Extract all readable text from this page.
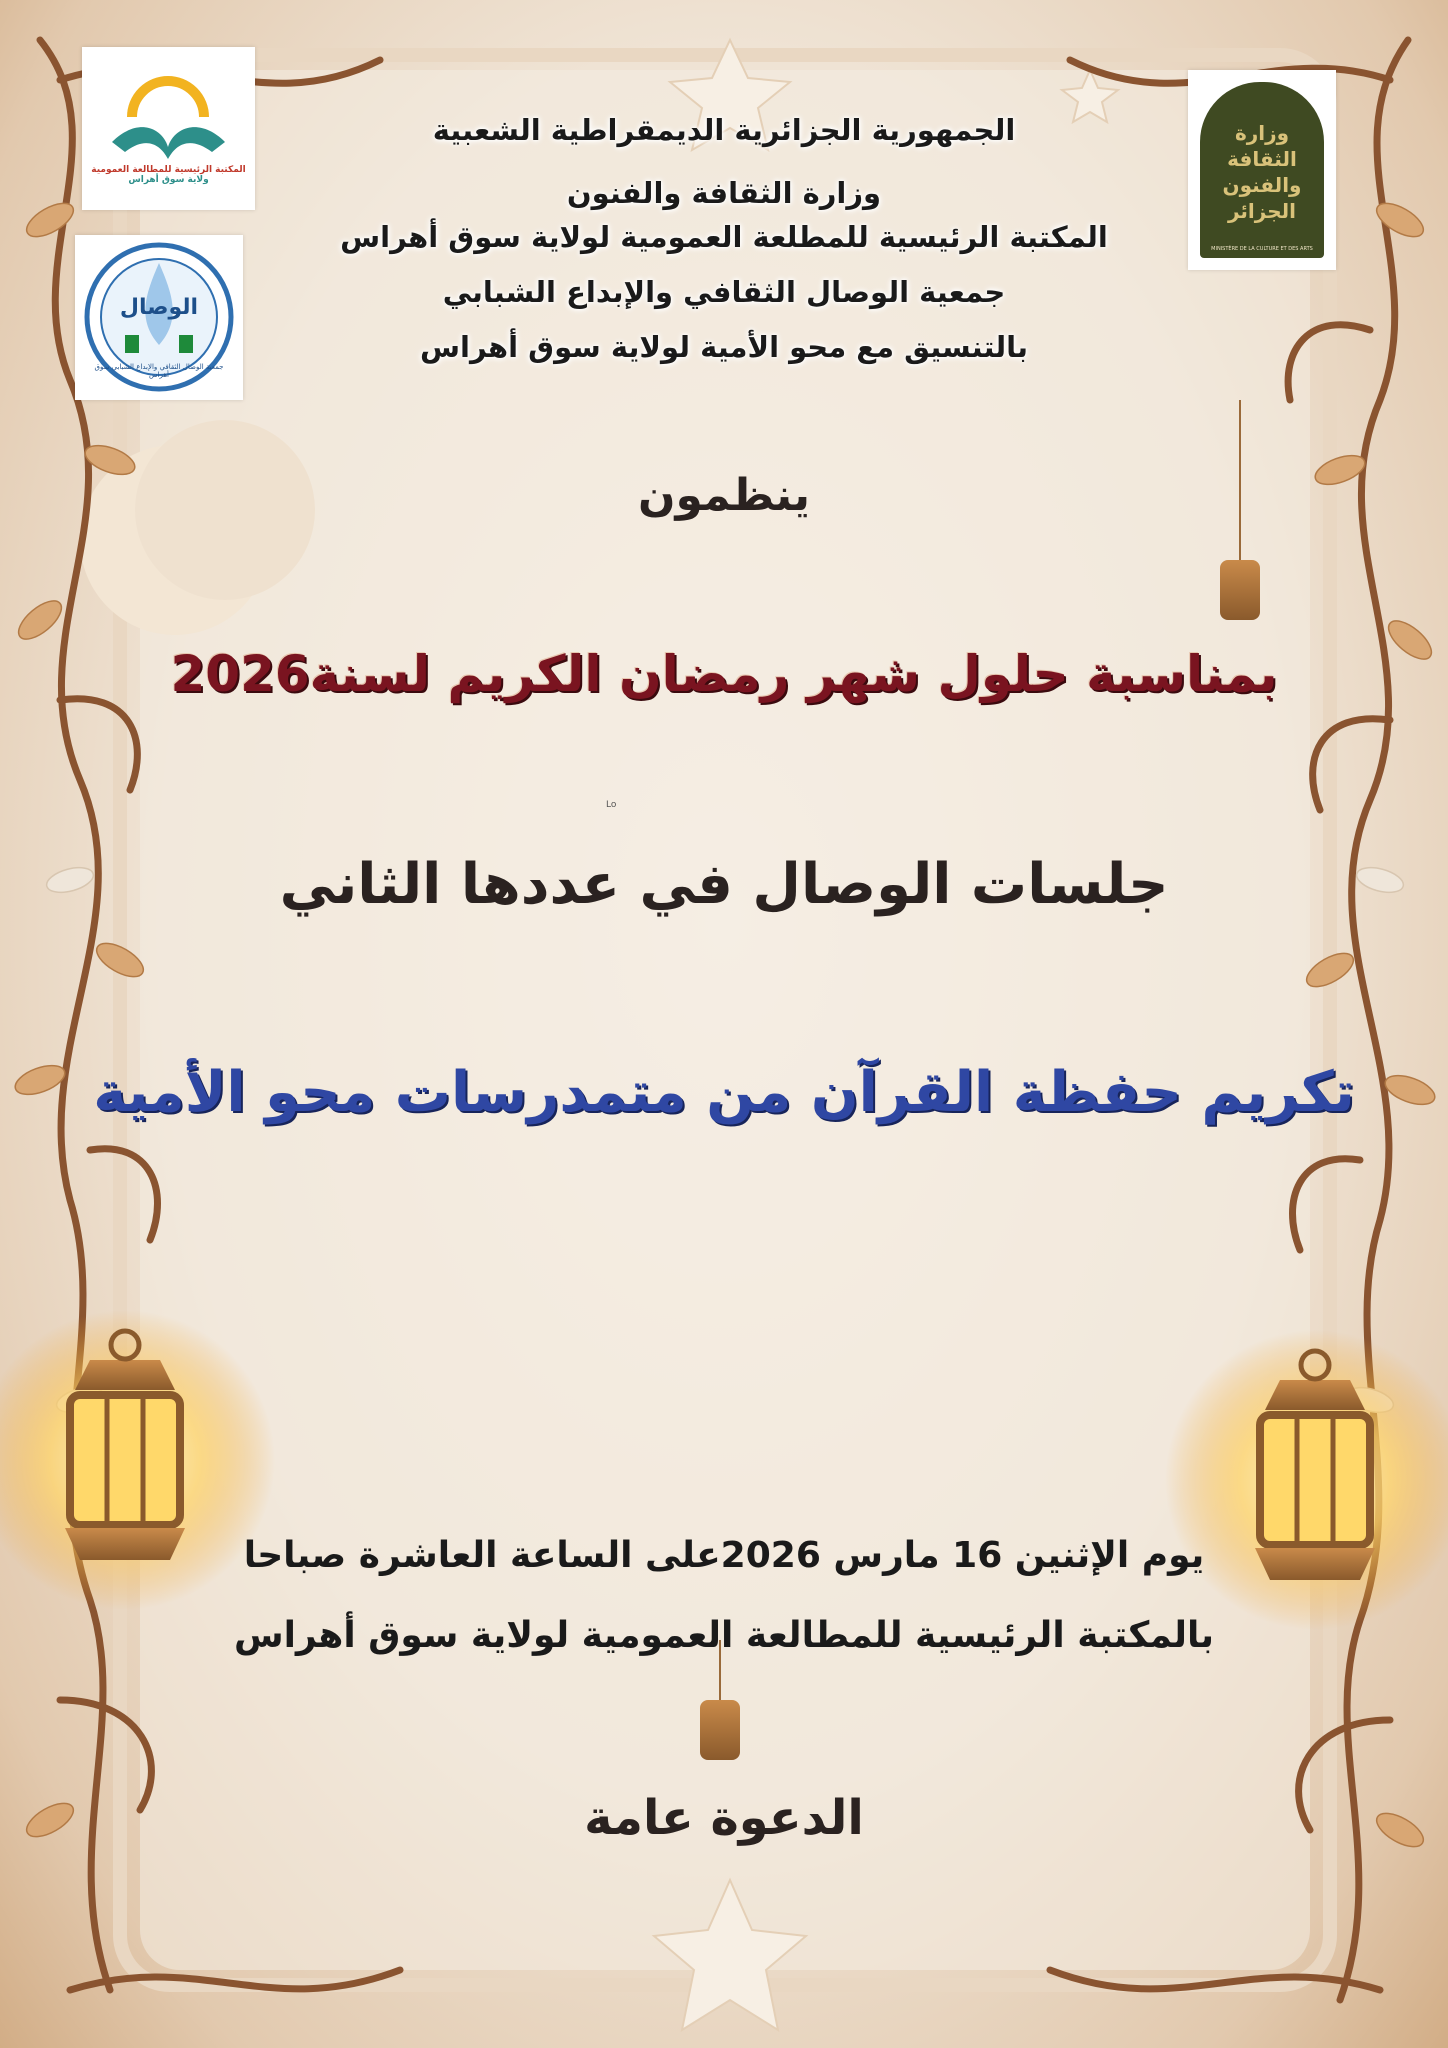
المكتبة الرئيسية للمطالعة العمومية
ولاية سوق أهراس
الوصال
جمعية الوصال الثقافي والإبداع الشبابي سوق أهراس
وزارة الثقافة والفنون الجزائر
MINISTÈRE DE LA CULTURE ET DES ARTS
الجمهورية الجزائرية الديمقراطية الشعبية
وزارة الثقافة والفنون
المكتبة الرئيسية للمطلعة العمومية لولاية سوق أهراس
جمعية الوصال الثقافي والإبداع الشبابي
بالتنسيق مع محو الأمية لولاية سوق أهراس
ينظمون
بمناسبة حلول شهر رمضان الكريم لسنة2026
Lo
جلسات الوصال في عددها الثاني
تكريم حفظة القرآن من متمدرسات محو الأمية
يوم الإثنين 16 مارس 2026على الساعة العاشرة صباحا
بالمكتبة الرئيسية للمطالعة العمومية لولاية سوق أهراس
الدعوة عامة
